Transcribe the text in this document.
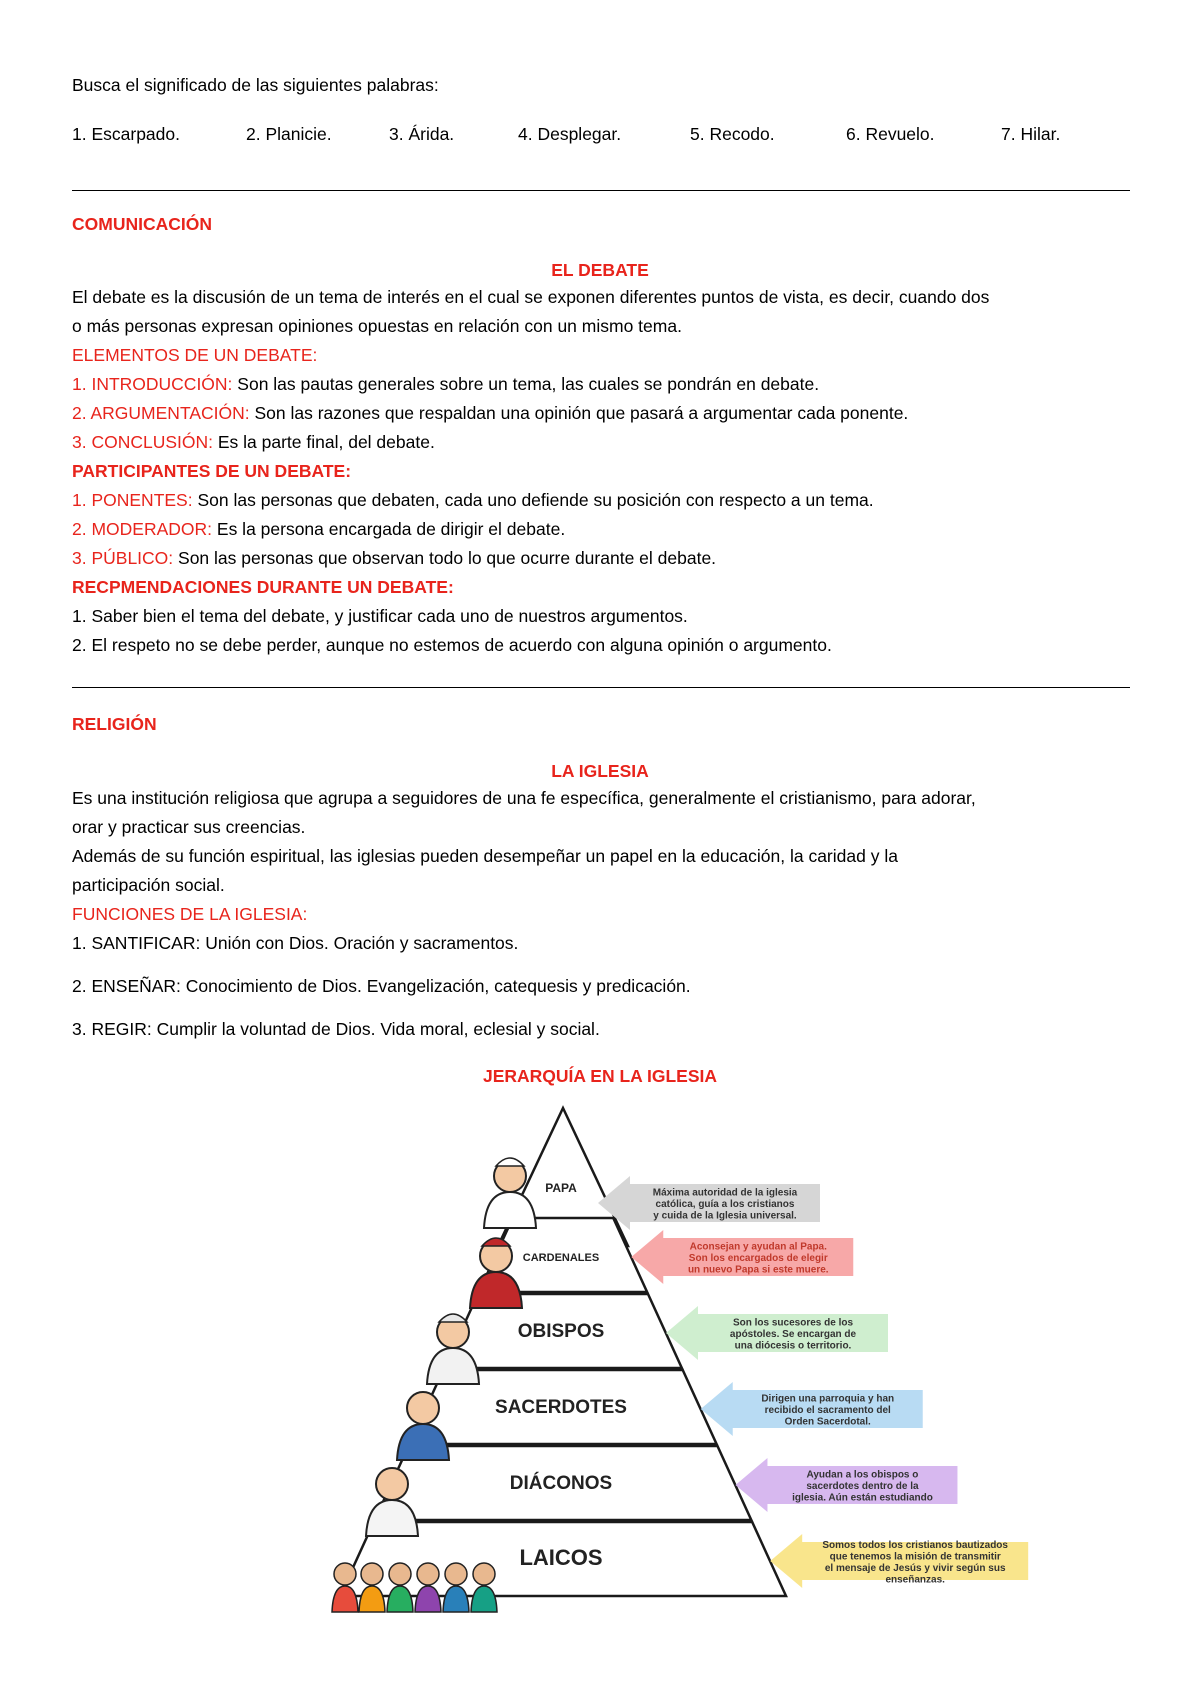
Busca el significado de las siguientes palabras:
1. Escarpado.	2. Planicie.	3. Árida.	4. Desplegar.	5. Recodo.	6. Revuelo.	7. Hilar.
COMUNICACIÓN
EL DEBATE
El debate es la discusión de un tema de interés en el cual se exponen diferentes puntos de vista, es decir, cuando dos
o más personas expresan opiniones opuestas en relación con un mismo tema.
ELEMENTOS DE UN DEBATE:
1. INTRODUCCIÓN: Son las pautas generales sobre un tema, las cuales se pondrán en debate.
2. ARGUMENTACIÓN: Son las razones que respaldan una opinión que pasará a argumentar cada ponente.
3. CONCLUSIÓN: Es la parte final, del debate.
PARTICIPANTES DE UN DEBATE:
1. PONENTES: Son las personas que debaten, cada uno defiende su posición con respecto a un tema.
2. MODERADOR: Es la persona encargada de dirigir el debate.
3. PÚBLICO: Son las personas que observan todo lo que ocurre durante el debate.
RECPMENDACIONES DURANTE UN DEBATE:
1. Saber bien el tema del debate, y justificar cada uno de nuestros argumentos.
2. El respeto no se debe perder, aunque no estemos de acuerdo con alguna opinión o argumento.
RELIGIÓN
LA IGLESIA
Es una institución religiosa que agrupa a seguidores de una fe específica, generalmente el cristianismo, para adorar,
orar y practicar sus creencias.
Además de su función espiritual, las iglesias pueden desempeñar un papel en la educación, la caridad y la
participación social.
FUNCIONES DE LA IGLESIA:
1. SANTIFICAR: Unión con Dios. Oración y sacramentos.
2. ENSEÑAR: Conocimiento de Dios. Evangelización, catequesis y predicación.
3. REGIR: Cumplir la voluntad de Dios. Vida moral, eclesial y social.
JERARQUÍA EN LA IGLESIA
PAPA	Máxima autoridad de la iglesia
católica, guía a los cristianos
y cuida de la Iglesia universal.
CARDENALES
Aconsejan y ayudan al Papa.
Son los encargados de elegir
un nuevo Papa si este muere.
OBISPOS	Son los sucesores de los
apóstoles. Se encargan de
una diócesis o territorio.
SACERDOTES	Dirigen una parroquia y han
recibido el sacramento del
Orden Sacerdotal.
DIÁCONOS	Ayudan a los obispos o
sacerdotes dentro de la
iglesia. Aún están estudiando
LAICOS	Somos todos los cristianos bautizados
que tenemos la misión de transmitir
el mensaje de Jesús y vivir según sus
enseñanzas.
